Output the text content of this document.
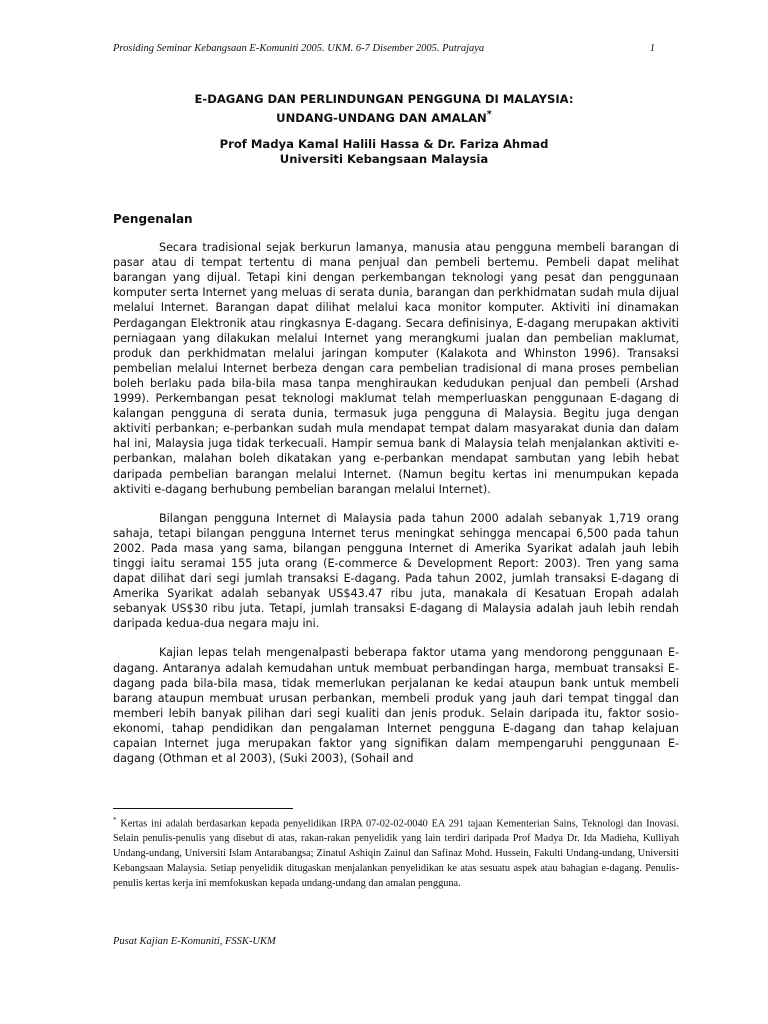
Prosiding Seminar Kebangsaan E-Komuniti 2005. UKM. 6-7 Disember 2005. Putrajaya	1
E-DAGANG DAN PERLINDUNGAN PENGGUNA DI MALAYSIA:
UNDANG-UNDANG DAN AMALAN*
Prof Madya Kamal Halili Hassa & Dr. Fariza Ahmad
Universiti Kebangsaan Malaysia
Pengenalan

Secara tradisional sejak berkurun lamanya, manusia atau pengguna membeli barangan di pasar atau di tempat tertentu di mana penjual dan pembeli bertemu. Pembeli dapat melihat barangan yang dijual. Tetapi kini dengan perkembangan teknologi yang pesat dan penggunaan komputer serta Internet yang meluas di serata dunia, barangan dan perkhidmatan sudah mula dijual melalui Internet. Barangan dapat dilihat melalui kaca monitor komputer. Aktiviti ini dinamakan Perdagangan Elektronik atau ringkasnya E-dagang. Secara definisinya, E-dagang merupakan aktiviti perniagaan yang dilakukan melalui Internet yang merangkumi jualan dan pembelian maklumat, produk dan perkhidmatan melalui jaringan komputer (Kalakota and Whinston 1996). Transaksi pembelian melalui Internet berbeza dengan cara pembelian tradisional di mana proses pembelian boleh berlaku pada bila-bila masa tanpa menghiraukan kedudukan penjual dan pembeli (Arshad 1999). Perkembangan pesat teknologi maklumat telah memperluaskan penggunaan E-dagang di kalangan pengguna di serata dunia, termasuk juga pengguna di Malaysia. Begitu juga dengan aktiviti perbankan; e-perbankan sudah mula mendapat tempat dalam masyarakat dunia dan dalam hal ini, Malaysia juga tidak terkecuali. Hampir semua bank di Malaysia telah menjalankan aktiviti e-perbankan, malahan boleh dikatakan yang e-perbankan mendapat sambutan yang lebih hebat daripada pembelian barangan melalui Internet. (Namun begitu kertas ini menumpukan kepada aktiviti e-dagang berhubung pembelian barangan melalui Internet).

Bilangan pengguna Internet di Malaysia pada tahun 2000 adalah sebanyak 1,719 orang sahaja, tetapi bilangan pengguna Internet terus meningkat sehingga mencapai 6,500 pada tahun 2002. Pada masa yang sama, bilangan pengguna Internet di Amerika Syarikat adalah jauh lebih tinggi iaitu seramai 155 juta orang (E-commerce & Development Report: 2003). Tren yang sama dapat dilihat dari segi jumlah transaksi E-dagang. Pada tahun 2002, jumlah transaksi E-dagang di Amerika Syarikat adalah sebanyak US$43.47 ribu juta, manakala di Kesatuan Eropah adalah sebanyak US$30 ribu juta. Tetapi, jumlah transaksi E-dagang di Malaysia adalah jauh lebih rendah daripada kedua-dua negara maju ini.

Kajian lepas telah mengenalpasti beberapa faktor utama yang mendorong penggunaan E-dagang. Antaranya adalah kemudahan untuk membuat perbandingan harga, membuat transaksi E-dagang pada bila-bila masa, tidak memerlukan perjalanan ke kedai ataupun bank untuk membeli barang ataupun membuat urusan perbankan, membeli produk yang jauh dari tempat tinggal dan memberi lebih banyak pilihan dari segi kualiti dan jenis produk. Selain daripada itu, faktor sosio-ekonomi, tahap pendidikan dan pengalaman Internet pengguna E-dagang dan tahap kelajuan capaian Internet juga merupakan faktor yang signifikan dalam mempengaruhi penggunaan E-dagang (Othman et al 2003), (Suki 2003), (Sohail and

* Kertas ini adalah berdasarkan kepada penyelidikan IRPA 07-02-02-0040 EA 291 tajaan Kementerian Sains, Teknologi dan Inovasi. Selain penulis-penulis yang disebut di atas, rakan-rakan penyelidik yang lain terdiri daripada Prof Madya Dr. Ida Madieha, Kulliyah Undang-undang, Universiti Islam Antarabangsa; Zinatul Ashiqin Zainul dan Safinaz Mohd. Hussein, Fakulti Undang-undang, Universiti Kebangsaan Malaysia. Setiap penyelidik ditugaskan menjalankan penyelidikan ke atas sesuatu aspek atau bahagian e-dagang. Penulis-penulis kertas kerja ini memfokuskan kepada undang-undang dan amalan pengguna.

Pusat Kajian E-Komuniti, FSSK-UKM
